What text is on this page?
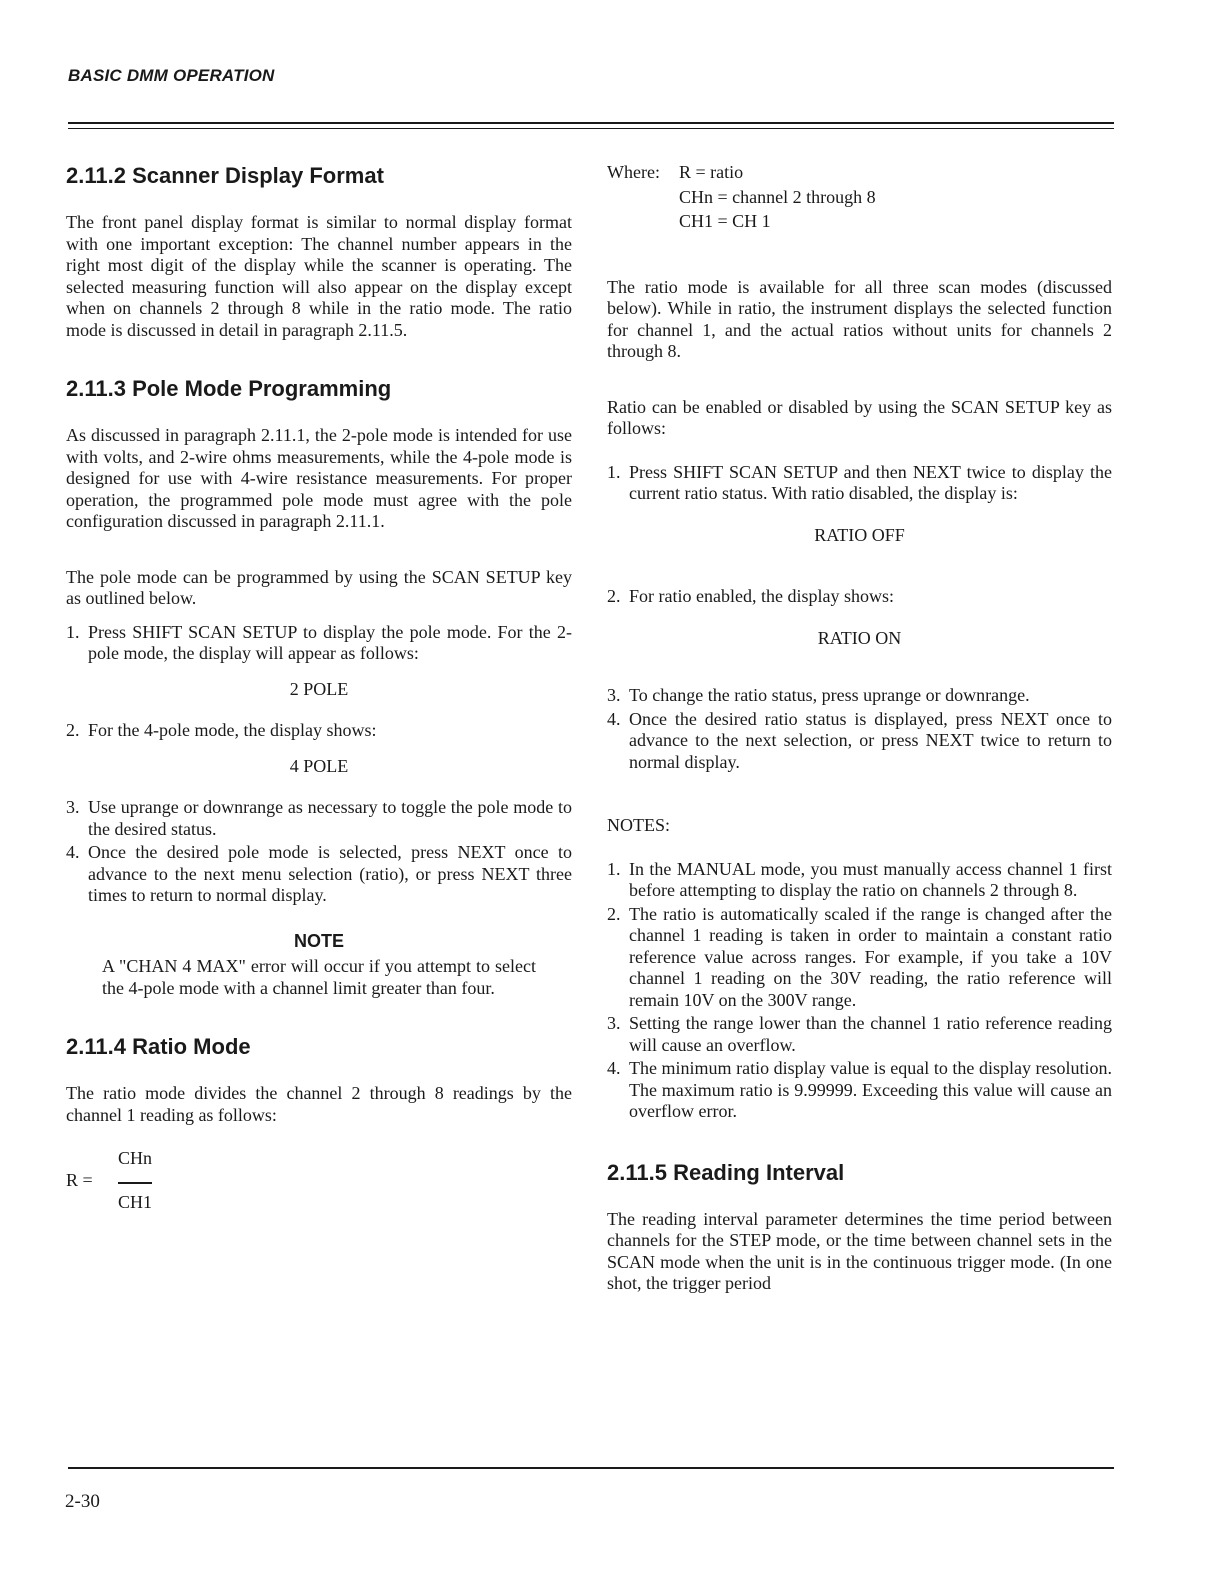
BASIC DMM OPERATION
2.11.2 Scanner Display Format

The front panel display format is similar to normal display format with one important exception: The channel number appears in the right most digit of the display while the scanner is operating. The selected measuring function will also appear on the display except when on channels 2 through 8 while in the ratio mode. The ratio mode is discussed in detail in paragraph 2.11.5.

2.11.3 Pole Mode Programming

As discussed in paragraph 2.11.1, the 2-pole mode is intended for use with volts, and 2-wire ohms measurements, while the 4-pole mode is designed for use with 4-wire resistance measurements. For proper operation, the programmed pole mode must agree with the pole configuration discussed in paragraph 2.11.1.

The pole mode can be programmed by using the SCAN SETUP key as outlined below.

1. Press SHIFT SCAN SETUP to display the pole mode. For the 2-pole mode, the display will appear as follows:
2 POLE
2. For the 4-pole mode, the display shows:
4 POLE
3. Use uprange or downrange as necessary to toggle the pole mode to the desired status.
4. Once the desired pole mode is selected, press NEXT once to advance to the next menu selection (ratio), or press NEXT three times to return to normal display.
NOTE

A "CHAN 4 MAX" error will occur if you attempt to select the 4-pole mode with a channel limit greater than four.

2.11.4 Ratio Mode

The ratio mode divides the channel 2 through 8 readings by the channel 1 reading as follows:

R =
CHn
CH1
Where:	R = ratio
CHn = channel 2 through 8
CH1 = CH 1

The ratio mode is available for all three scan modes (discussed below). While in ratio, the instrument displays the selected function for channel 1, and the actual ratios without units for channels 2 through 8.

Ratio can be enabled or disabled by using the SCAN SETUP key as follows:

1. Press SHIFT SCAN SETUP and then NEXT twice to display the current ratio status. With ratio disabled, the display is:
RATIO OFF
2. For ratio enabled, the display shows:
RATIO ON
3. To change the ratio status, press uprange or downrange.
4. Once the desired ratio status is displayed, press NEXT once to advance to the next selection, or press NEXT twice to return to normal display.

NOTES:

1. In the MANUAL mode, you must manually access channel 1 first before attempting to display the ratio on channels 2 through 8.
2. The ratio is automatically scaled if the range is changed after the channel 1 reading is taken in order to maintain a constant ratio reference value across ranges. For example, if you take a 10V channel 1 reading on the 30V reading, the ratio reference will remain 10V on the 300V range.
3. Setting the range lower than the channel 1 ratio reference reading will cause an overflow.
4. The minimum ratio display value is equal to the display resolution. The maximum ratio is 9.99999. Exceeding this value will cause an overflow error.
2.11.5 Reading Interval

The reading interval parameter determines the time period between channels for the STEP mode, or the time between channel sets in the SCAN mode when the unit is in the continuous trigger mode. (In one shot, the trigger period

2-30
